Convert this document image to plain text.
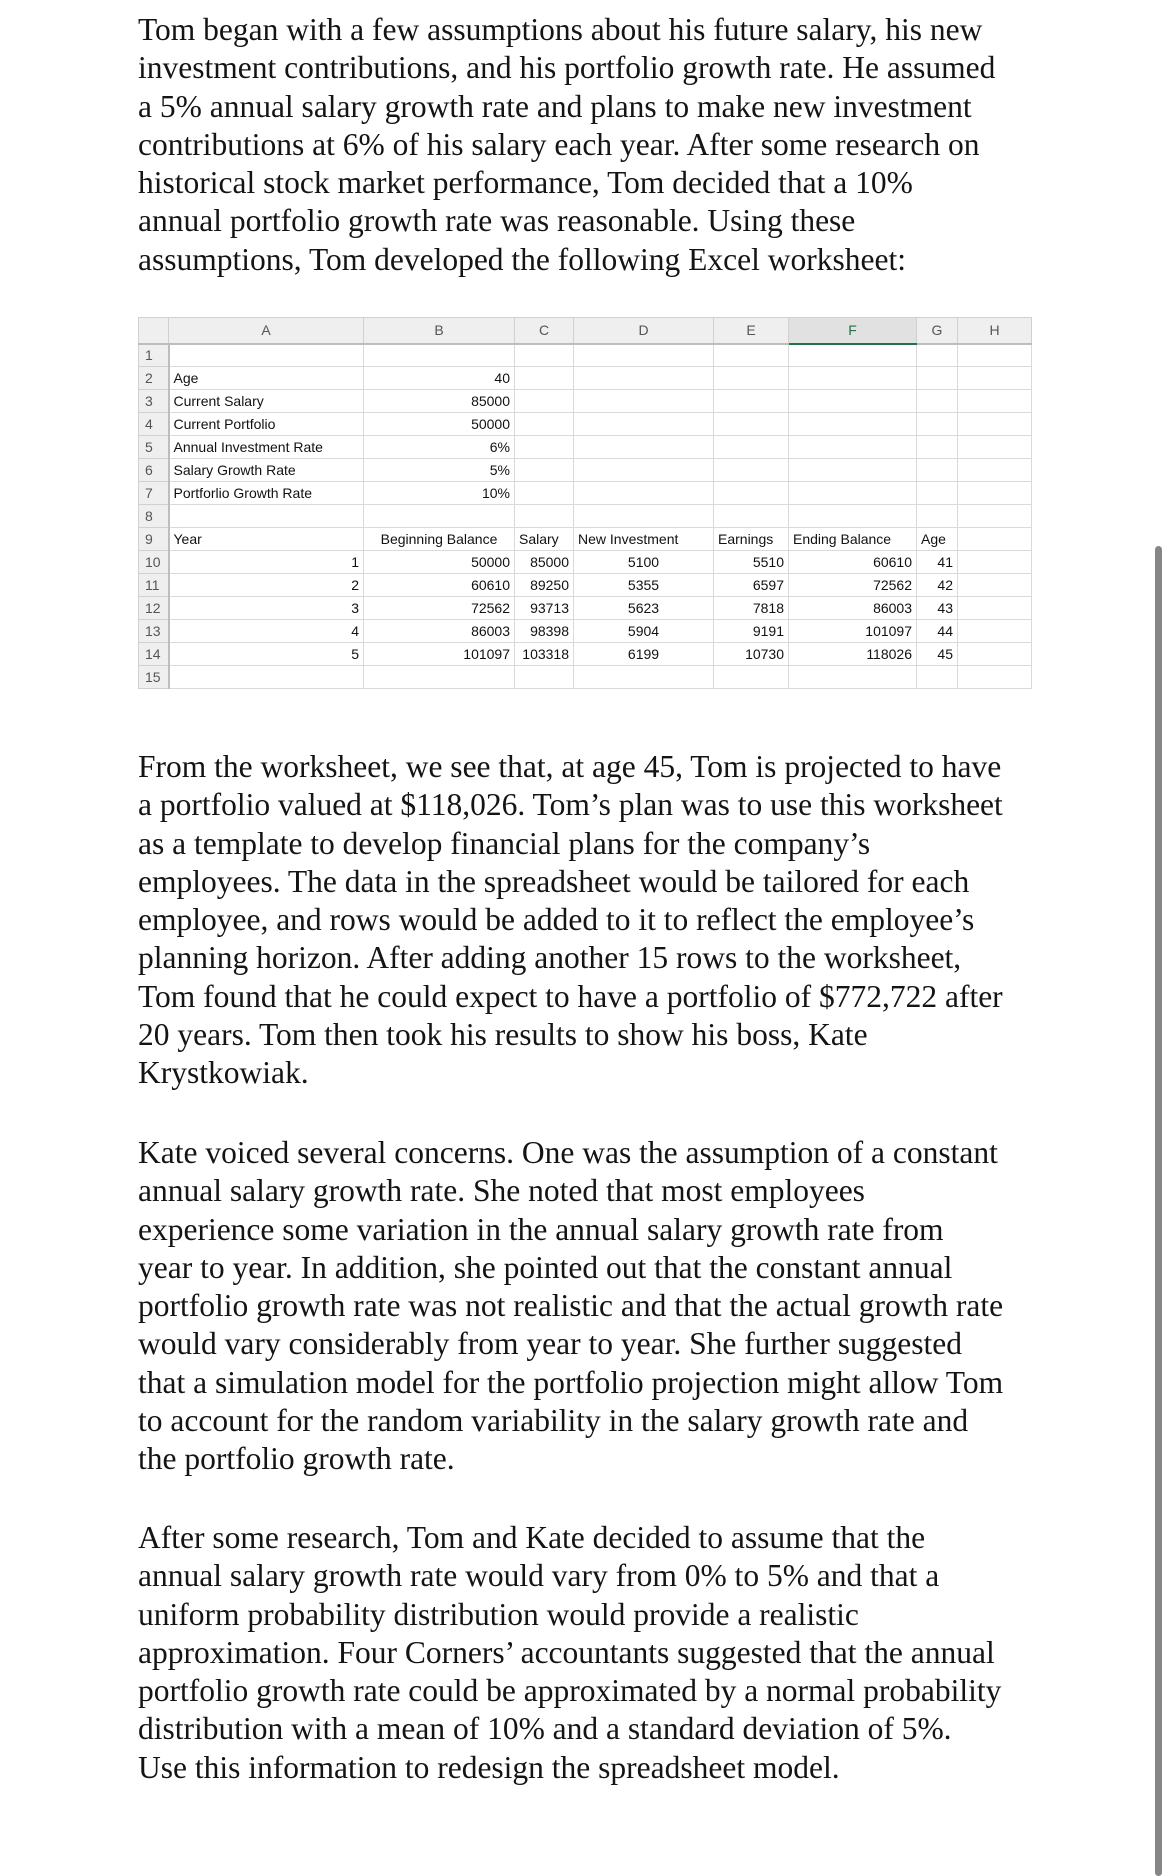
Tom began with a few assumptions about his future salary, his new
investment contributions, and his portfolio growth rate. He assumed
a 5% annual salary growth rate and plans to make new investment
contributions at 6% of his salary each year. After some research on
historical stock market performance, Tom decided that a 10%
annual portfolio growth rate was reasonable. Using these
assumptions, Tom developed the following Excel worksheet:
	A	B	C	D	E	F	G	H
1								
2	Age	40						
3	Current Salary	85000						
4	Current Portfolio	50000						
5	Annual Investment Rate	6%						
6	Salary Growth Rate	5%						
7	Portforlio Growth Rate	10%						
8								
9	Year	Beginning Balance	Salary	New Investment	Earnings	Ending Balance	Age	
10	1	50000	85000	5100	5510	60610	41	
11	2	60610	89250	5355	6597	72562	42	
12	3	72562	93713	5623	7818	86003	43	
13	4	86003	98398	5904	9191	101097	44	
14	5	101097	103318	6199	10730	118026	45	
15								
From the worksheet, we see that, at age 45, Tom is projected to have
a portfolio valued at $118,026. Tom’s plan was to use this worksheet
as a template to develop financial plans for the company’s
employees. The data in the spreadsheet would be tailored for each
employee, and rows would be added to it to reflect the employee’s
planning horizon. After adding another 15 rows to the worksheet,
Tom found that he could expect to have a portfolio of $772,722 after
20 years. Tom then took his results to show his boss, Kate
Krystkowiak.
Kate voiced several concerns. One was the assumption of a constant
annual salary growth rate. She noted that most employees
experience some variation in the annual salary growth rate from
year to year. In addition, she pointed out that the constant annual
portfolio growth rate was not realistic and that the actual growth rate
would vary considerably from year to year. She further suggested
that a simulation model for the portfolio projection might allow Tom
to account for the random variability in the salary growth rate and
the portfolio growth rate.
After some research, Tom and Kate decided to assume that the
annual salary growth rate would vary from 0% to 5% and that a
uniform probability distribution would provide a realistic
approximation. Four Corners’ accountants suggested that the annual
portfolio growth rate could be approximated by a normal probability
distribution with a mean of 10% and a standard deviation of 5%.
Use this information to redesign the spreadsheet model.
